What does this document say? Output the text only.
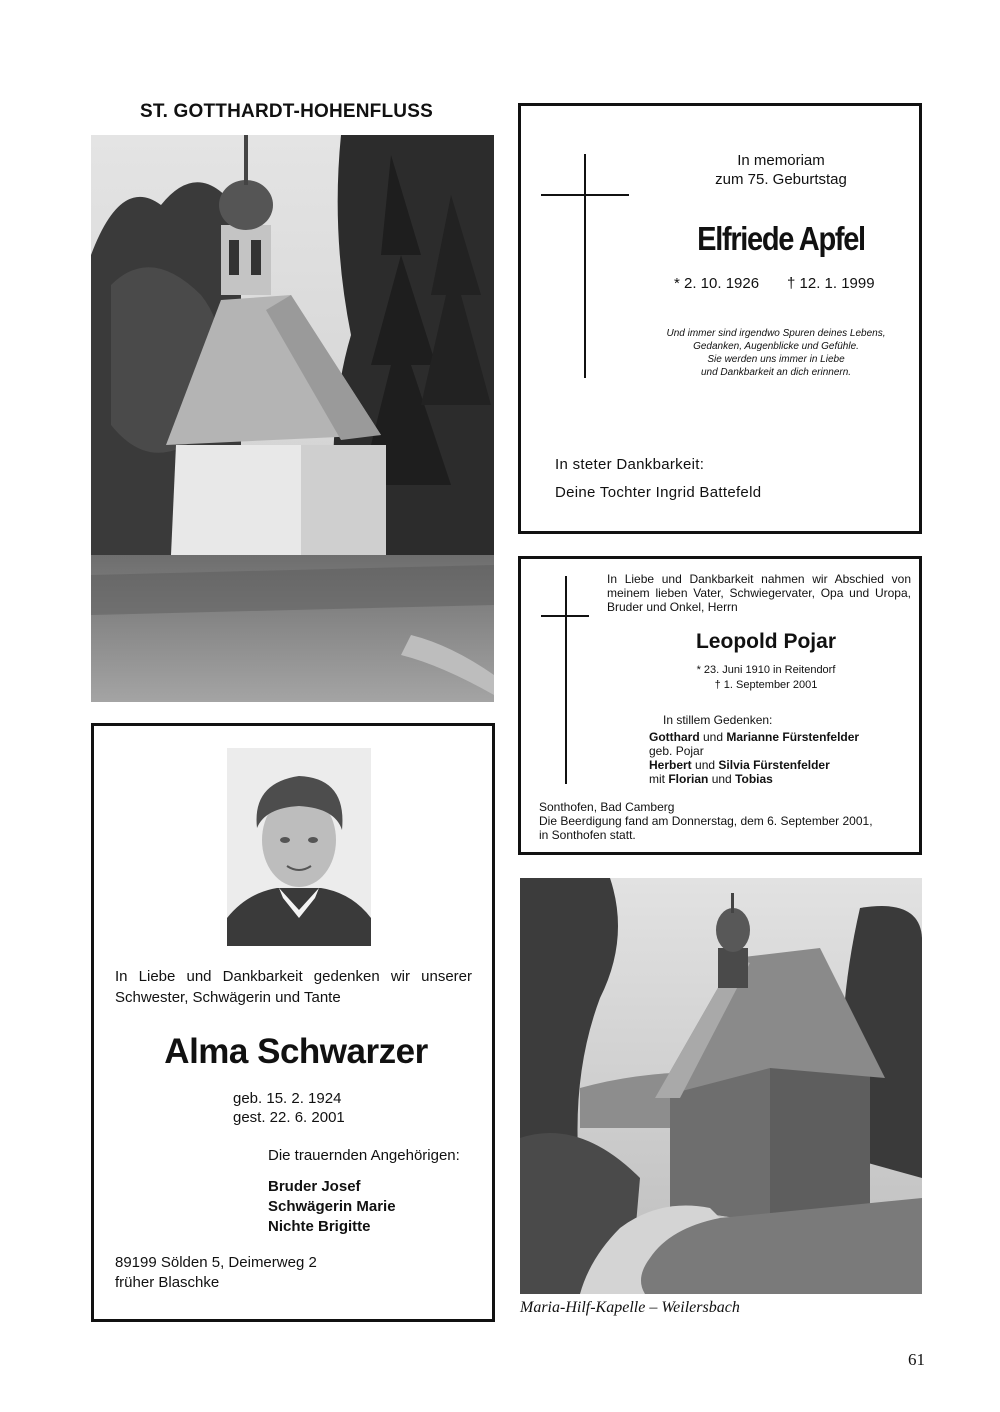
ST. GOTTHARDT-HOHENFLUSS
In memoriam
zum 75. Geburtstag
Elfriede Apfel
* 2. 10. 1926 † 12. 1. 1999
Und immer sind irgendwo Spuren deines Lebens,
Gedanken, Augenblicke und Gefühle.
Sie werden uns immer in Liebe
und Dankbarkeit an dich erinnern.
In steter Dankbarkeit:
Deine Tochter Ingrid Battefeld
In Liebe und Dankbarkeit nahmen wir Abschied von meinem lieben Vater, Schwiegervater, Opa und Uropa, Bruder und Onkel, Herrn
Leopold Pojar
* 23. Juni 1910 in Reitendorf
† 1. September 2001
In stillem Gedenken:
Gotthard und Marianne Fürstenfelder
geb. Pojar
Herbert und Silvia Fürstenfelder
mit Florian und Tobias
Sonthofen, Bad Camberg
Die Beerdigung fand am Donnerstag, dem 6. September 2001,
in Sonthofen statt.
In Liebe und Dankbarkeit gedenken wir unserer
Schwester, Schwägerin und Tante
Alma Schwarzer
geb. 15. 2. 1924
gest. 22. 6. 2001
Die trauernden Angehörigen:
Bruder Josef
Schwägerin Marie
Nichte Brigitte
89199 Sölden 5, Deimerweg 2
früher Blaschke
Maria-Hilf-Kapelle – Weilersbach
61
